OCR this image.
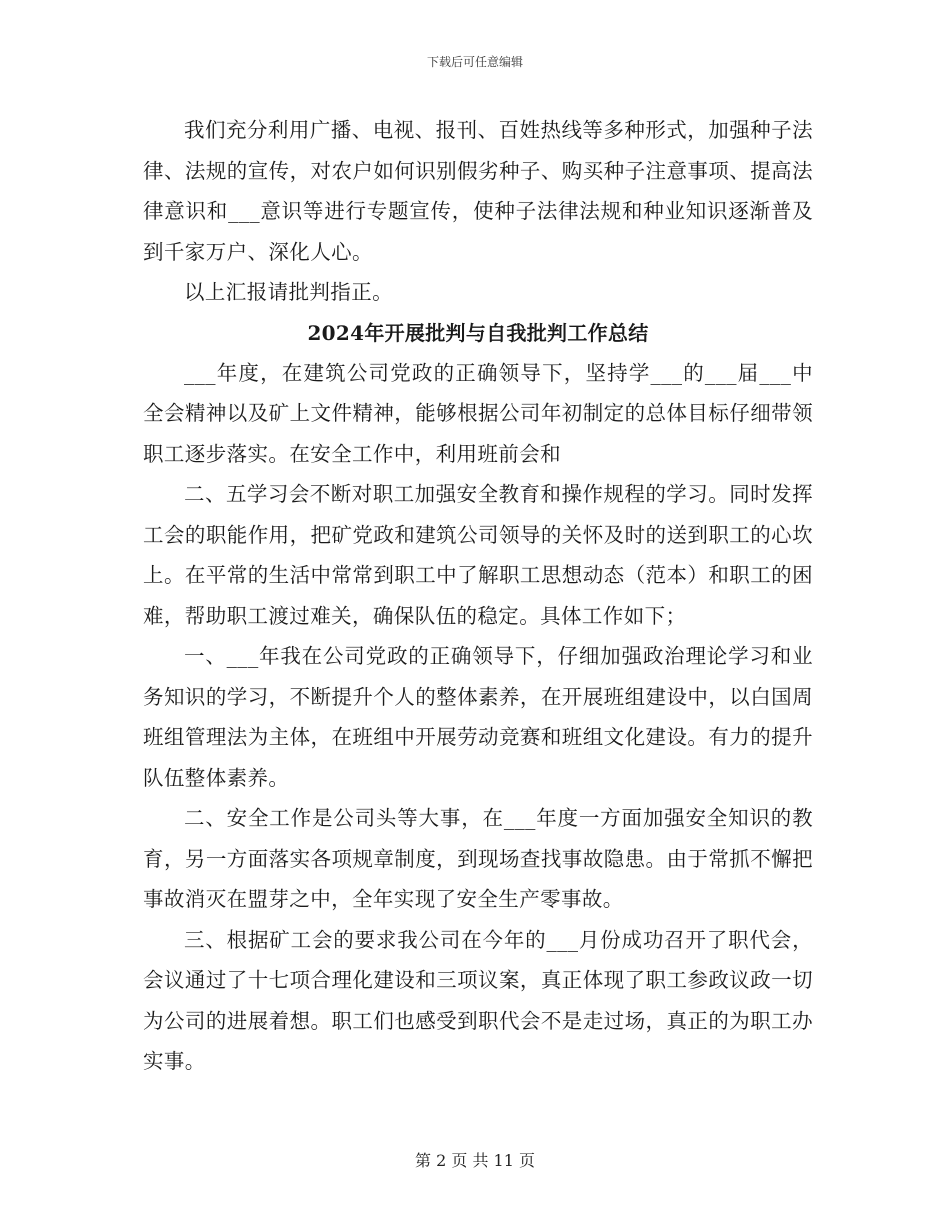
下载后可任意编辑

我们充分利用广播、电视、报刊、百姓热线等多种形式，加强种子法律、法规的宣传，对农户如何识别假劣种子、购买种子注意事项、提高法律意识和___意识等进行专题宣传，使种子法律法规和种业知识逐渐普及到千家万户、深化人心。

以上汇报请批判指正。

2024年开展批判与自我批判工作总结

___年度，在建筑公司党政的正确领导下，坚持学___的___届___中全会精神以及矿上文件精神，能够根据公司年初制定的总体目标仔细带领职工逐步落实。在安全工作中，利用班前会和

二、五学习会不断对职工加强安全教育和操作规程的学习。同时发挥工会的职能作用，把矿党政和建筑公司领导的关怀及时的送到职工的心坎上。在平常的生活中常常到职工中了解职工思想动态（范本）和职工的困难，帮助职工渡过难关，确保队伍的稳定。具体工作如下；

一、___年我在公司党政的正确领导下，仔细加强政治理论学习和业务知识的学习，不断提升个人的整体素养，在开展班组建设中，以白国周班组管理法为主体，在班组中开展劳动竞赛和班组文化建设。有力的提升队伍整体素养。

二、安全工作是公司头等大事，在___年度一方面加强安全知识的教育，另一方面落实各项规章制度，到现场查找事故隐患。由于常抓不懈把事故消灭在盟芽之中，全年实现了安全生产零事故。

三、根据矿工会的要求我公司在今年的___月份成功召开了职代会，会议通过了十七项合理化建设和三项议案，真正体现了职工参政议政一切为公司的进展着想。职工们也感受到职代会不是走过场，真正的为职工办实事。

第 2 页 共 11 页
